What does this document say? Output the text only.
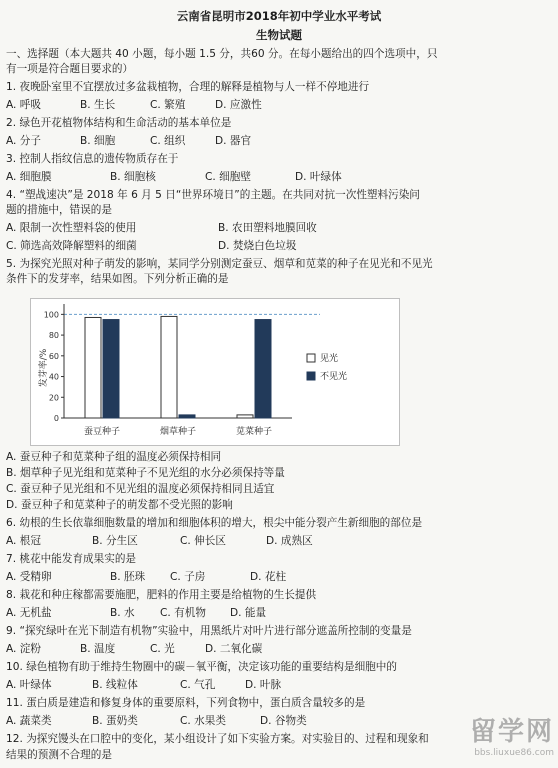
云南省昆明市2018年初中学业水平考试
生物试题
一、选择题（本大题共 40 小题，每小题 1.5 分，共60 分。在每小题给出的四个选项中，只
有一项是符合题目要求的）
1. 夜晚卧室里不宜摆放过多盆栽植物，合理的解释是植物与人一样不停地进行
A. 呼吸	B. 生长	C. 繁殖	D. 应激性
2. 绿色开花植物体结构和生命活动的基本单位是
A. 分子	B. 细胞	C. 组织	D. 器官
3. 控制人指纹信息的遗传物质存在于
A. 细胞膜	B. 细胞核	C. 细胞壁	D. 叶绿体
4. “塑战速决”是 2018 年 6 月 5 日“世界环境日”的主题。在共同对抗一次性塑料污染问
题的措施中，错误的是
A. 限制一次性塑料袋的使用	B. 农田塑料地膜回收
C. 筛选高效降解塑料的细菌	D. 焚烧白色垃圾
5. 为探究光照对种子萌发的影响，某同学分别测定蚕豆、烟草和苋菜的种子在见光和不见光
条件下的发芽率，结果如图。下列分析正确的是
发芽率/%
0
20
40
60
80
100
蚕豆种子	烟草种子	苋菜种子
见光
不见光
A. 蚕豆种子和苋菜种子组的温度必须保持相同
B. 烟草种子见光组和苋菜种子不见光组的水分必须保持等量
C. 蚕豆种子见光组和不见光组的温度必须保持相同且适宜
D. 蚕豆种子和苋菜种子的萌发都不受光照的影响
6. 幼根的生长依靠细胞数量的增加和细胞体积的增大，根尖中能分裂产生新细胞的部位是
A. 根冠	B. 分生区	C. 伸长区	D. 成熟区
7. 桃花中能发育成果实的是
A. 受精卵	B. 胚珠 C. 子房	D. 花柱
8. 栽花和种庄稼都需要施肥，肥料的作用主要是给植物的生长提供
A. 无机盐	B. 水 C. 有机物 D. 能量
9. “探究绿叶在光下制造有机物”实验中，用黑纸片对叶片进行部分遮盖所控制的变量是
A. 淀粉	B. 温度	C. 光	D. 二氧化碳
10. 绿色植物有助于维持生物圈中的碳－氧平衡，决定该功能的重要结构是细胞中的
A. 叶绿体	B. 线粒体	C. 气孔	D. 叶脉
11. 蛋白质是建造和修复身体的重要原料，下列食物中，蛋白质含量较多的是
A. 蔬菜类	B. 蛋奶类	C. 水果类	D. 谷物类
12. 为探究馒头在口腔中的变化，某小组设计了如下实验方案。对实验目的、过程和现象和
结果的预测不合理的是
留学网
bbs.liuxue86.com
